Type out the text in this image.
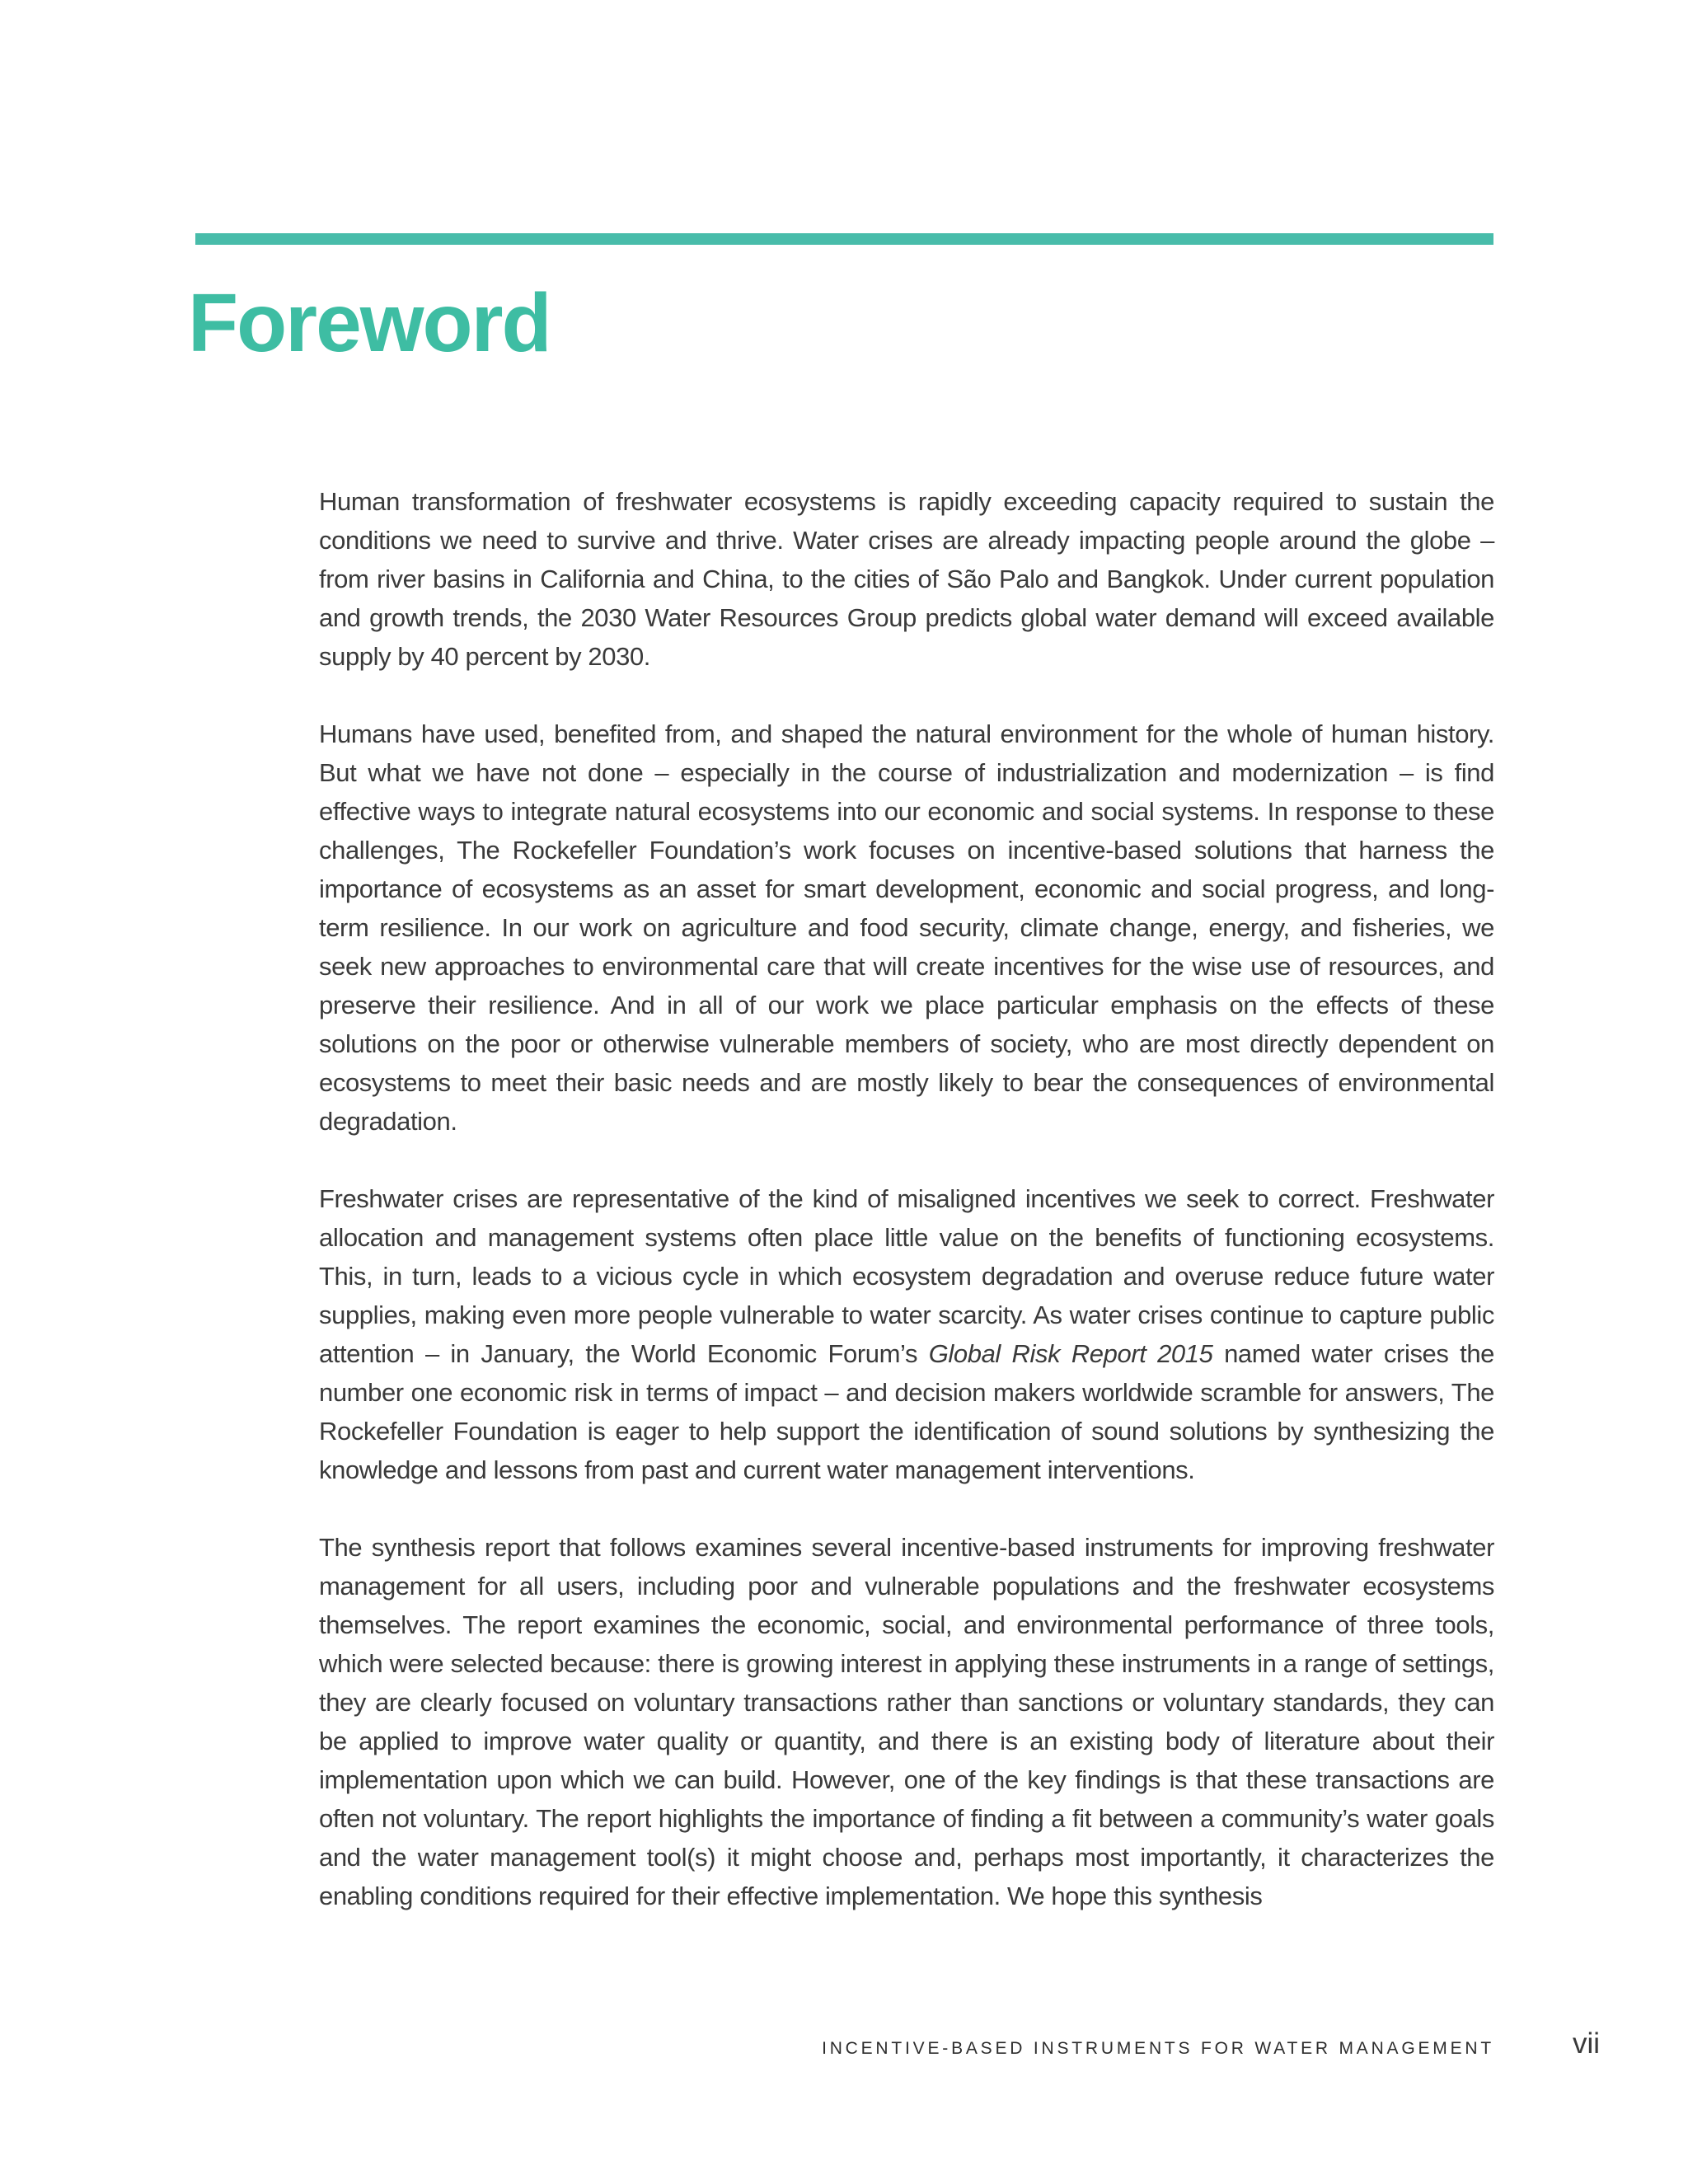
Foreword

Human transformation of freshwater ecosystems is rapidly exceeding capacity required to sustain the conditions we need to survive and thrive. Water crises are already impacting people around the globe – from river basins in California and China, to the cities of São Palo and Bangkok. Under current population and growth trends, the 2030 Water Resources Group predicts global water demand will exceed available supply by 40 percent by 2030.

Humans have used, benefited from, and shaped the natural environment for the whole of human history. But what we have not done – especially in the course of industrialization and modernization – is find effective ways to integrate natural ecosystems into our economic and social systems. In response to these challenges, The Rockefeller Foundation’s work focuses on incentive-based solutions that harness the importance of ecosystems as an asset for smart development, economic and social progress, and long-term resilience. In our work on agriculture and food security, climate change, energy, and fisheries, we seek new approaches to environmental care that will create incentives for the wise use of resources, and preserve their resilience. And in all of our work we place particular emphasis on the effects of these solutions on the poor or otherwise vulnerable members of society, who are most directly dependent on ecosystems to meet their basic needs and are mostly likely to bear the consequences of environmental degradation.

Freshwater crises are representative of the kind of misaligned incentives we seek to correct. Freshwater allocation and management systems often place little value on the benefits of functioning ecosystems. This, in turn, leads to a vicious cycle in which ecosystem degradation and overuse reduce future water supplies, making even more people vulnerable to water scarcity. As water crises continue to capture public attention – in January, the World Economic Forum’s Global Risk Report 2015 named water crises the number one economic risk in terms of impact – and decision makers worldwide scramble for answers, The Rockefeller Foundation is eager to help support the identification of sound solutions by synthesizing the knowledge and lessons from past and current water management interventions.

The synthesis report that follows examines several incentive-based instruments for improving freshwater management for all users, including poor and vulnerable populations and the freshwater ecosystems themselves. The report examines the economic, social, and environmental performance of three tools, which were selected because: there is growing interest in applying these instruments in a range of settings, they are clearly focused on voluntary transactions rather than sanctions or voluntary standards, they can be applied to improve water quality or quantity, and there is an existing body of literature about their implementation upon which we can build. However, one of the key findings is that these transactions are often not voluntary. The report highlights the importance of finding a fit between a community’s water goals and the water management tool(s) it might choose and, perhaps most importantly, it characterizes the enabling conditions required for their effective implementation. We hope this synthesis

INCENTIVE-BASED INSTRUMENTS FOR WATER MANAGEMENT	vii
